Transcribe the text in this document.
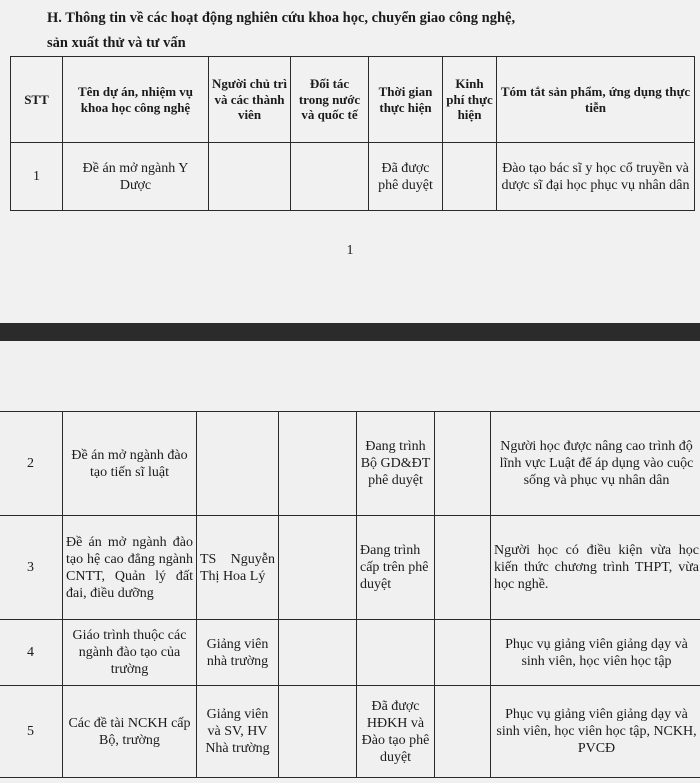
H. Thông tin về các hoạt động nghiên cứu khoa học, chuyển giao công nghệ,
sản xuất thử và tư vấn
STT	Tên dự án, nhiệm vụ khoa học công nghệ	Người chủ trì và các thành viên	Đối tác trong nước và quốc tế	Thời gian thực hiện	Kinh phí thực hiện	Tóm tắt sản phẩm, ứng dụng thực tiễn
1	Đề án mở ngành Y Dược			Đã được phê duyệt		Đào tạo bác sĩ y học cổ truyền và dược sĩ đại học phục vụ nhân dân
1
2	Đề án mở ngành đào tạo tiến sĩ luật			Đang trình Bộ GD&ĐT phê duyệt		Người học được nâng cao trình độ lĩnh vực Luật để áp dụng vào cuộc sống và phục vụ nhân dân
3	Đề án mở ngành đào tạo hệ cao đẳng ngành CNTT, Quản lý đất đai, điều dưỡng	TS Nguyễn Thị Hoa Lý		Đang trình cấp trên phê duyệt		Người học có điều kiện vừa học kiến thức chương trình THPT, vừa học nghề.
4	Giáo trình thuộc các ngành đào tạo của trường	Giảng viên nhà trường				Phục vụ giảng viên giảng dạy và sinh viên, học viên học tập
5	Các đề tài NCKH cấp Bộ, trường	Giảng viên và SV, HV Nhà trường		Đã được HĐKH và Đào tạo phê duyệt		Phục vụ giảng viên giảng dạy và sinh viên, học viên học tập, NCKH, PVCĐ
